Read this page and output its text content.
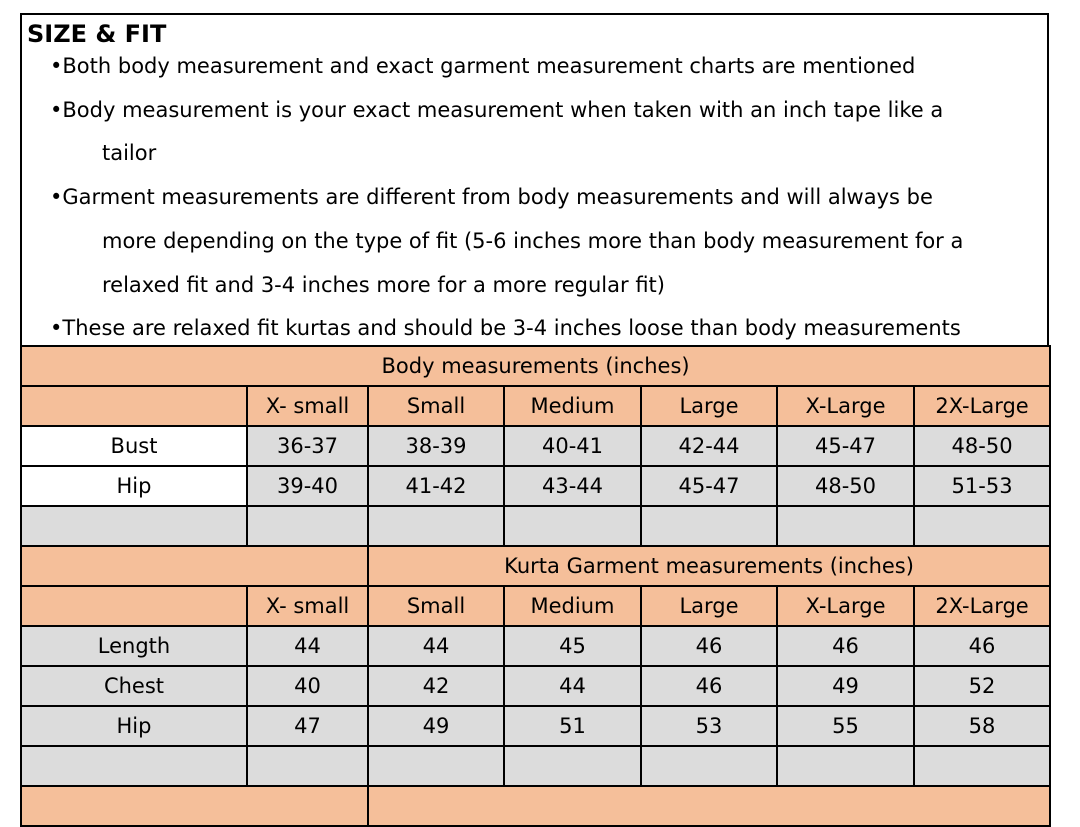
SIZE & FIT
•Both body measurement and exact garment measurement charts are mentioned
•Body measurement is your exact measurement when taken with an inch tape like a
tailor
•Garment measurements are different from body measurements and will always be
more depending on the type of fit (5-6 inches more than body measurement for a
relaxed fit and 3-4 inches more for a more regular fit)
•These are relaxed fit kurtas and should be 3-4 inches loose than body measurements
Body measurements (inches)						
	X- small	Small	Medium	Large	X-Large	2X-Large
Bust	36-37	38-39	40-41	42-44	45-47	48-50
Hip	39-40	41-42	43-44	45-47	48-50	51-53

		Kurta Garment measurements (inches)				
	X- small	Small	Medium	Large	X-Large	2X-Large
Length	44	44	45	46	46	46
Chest	40	42	44	46	49	52
Hip	47	49	51	53	55	58
